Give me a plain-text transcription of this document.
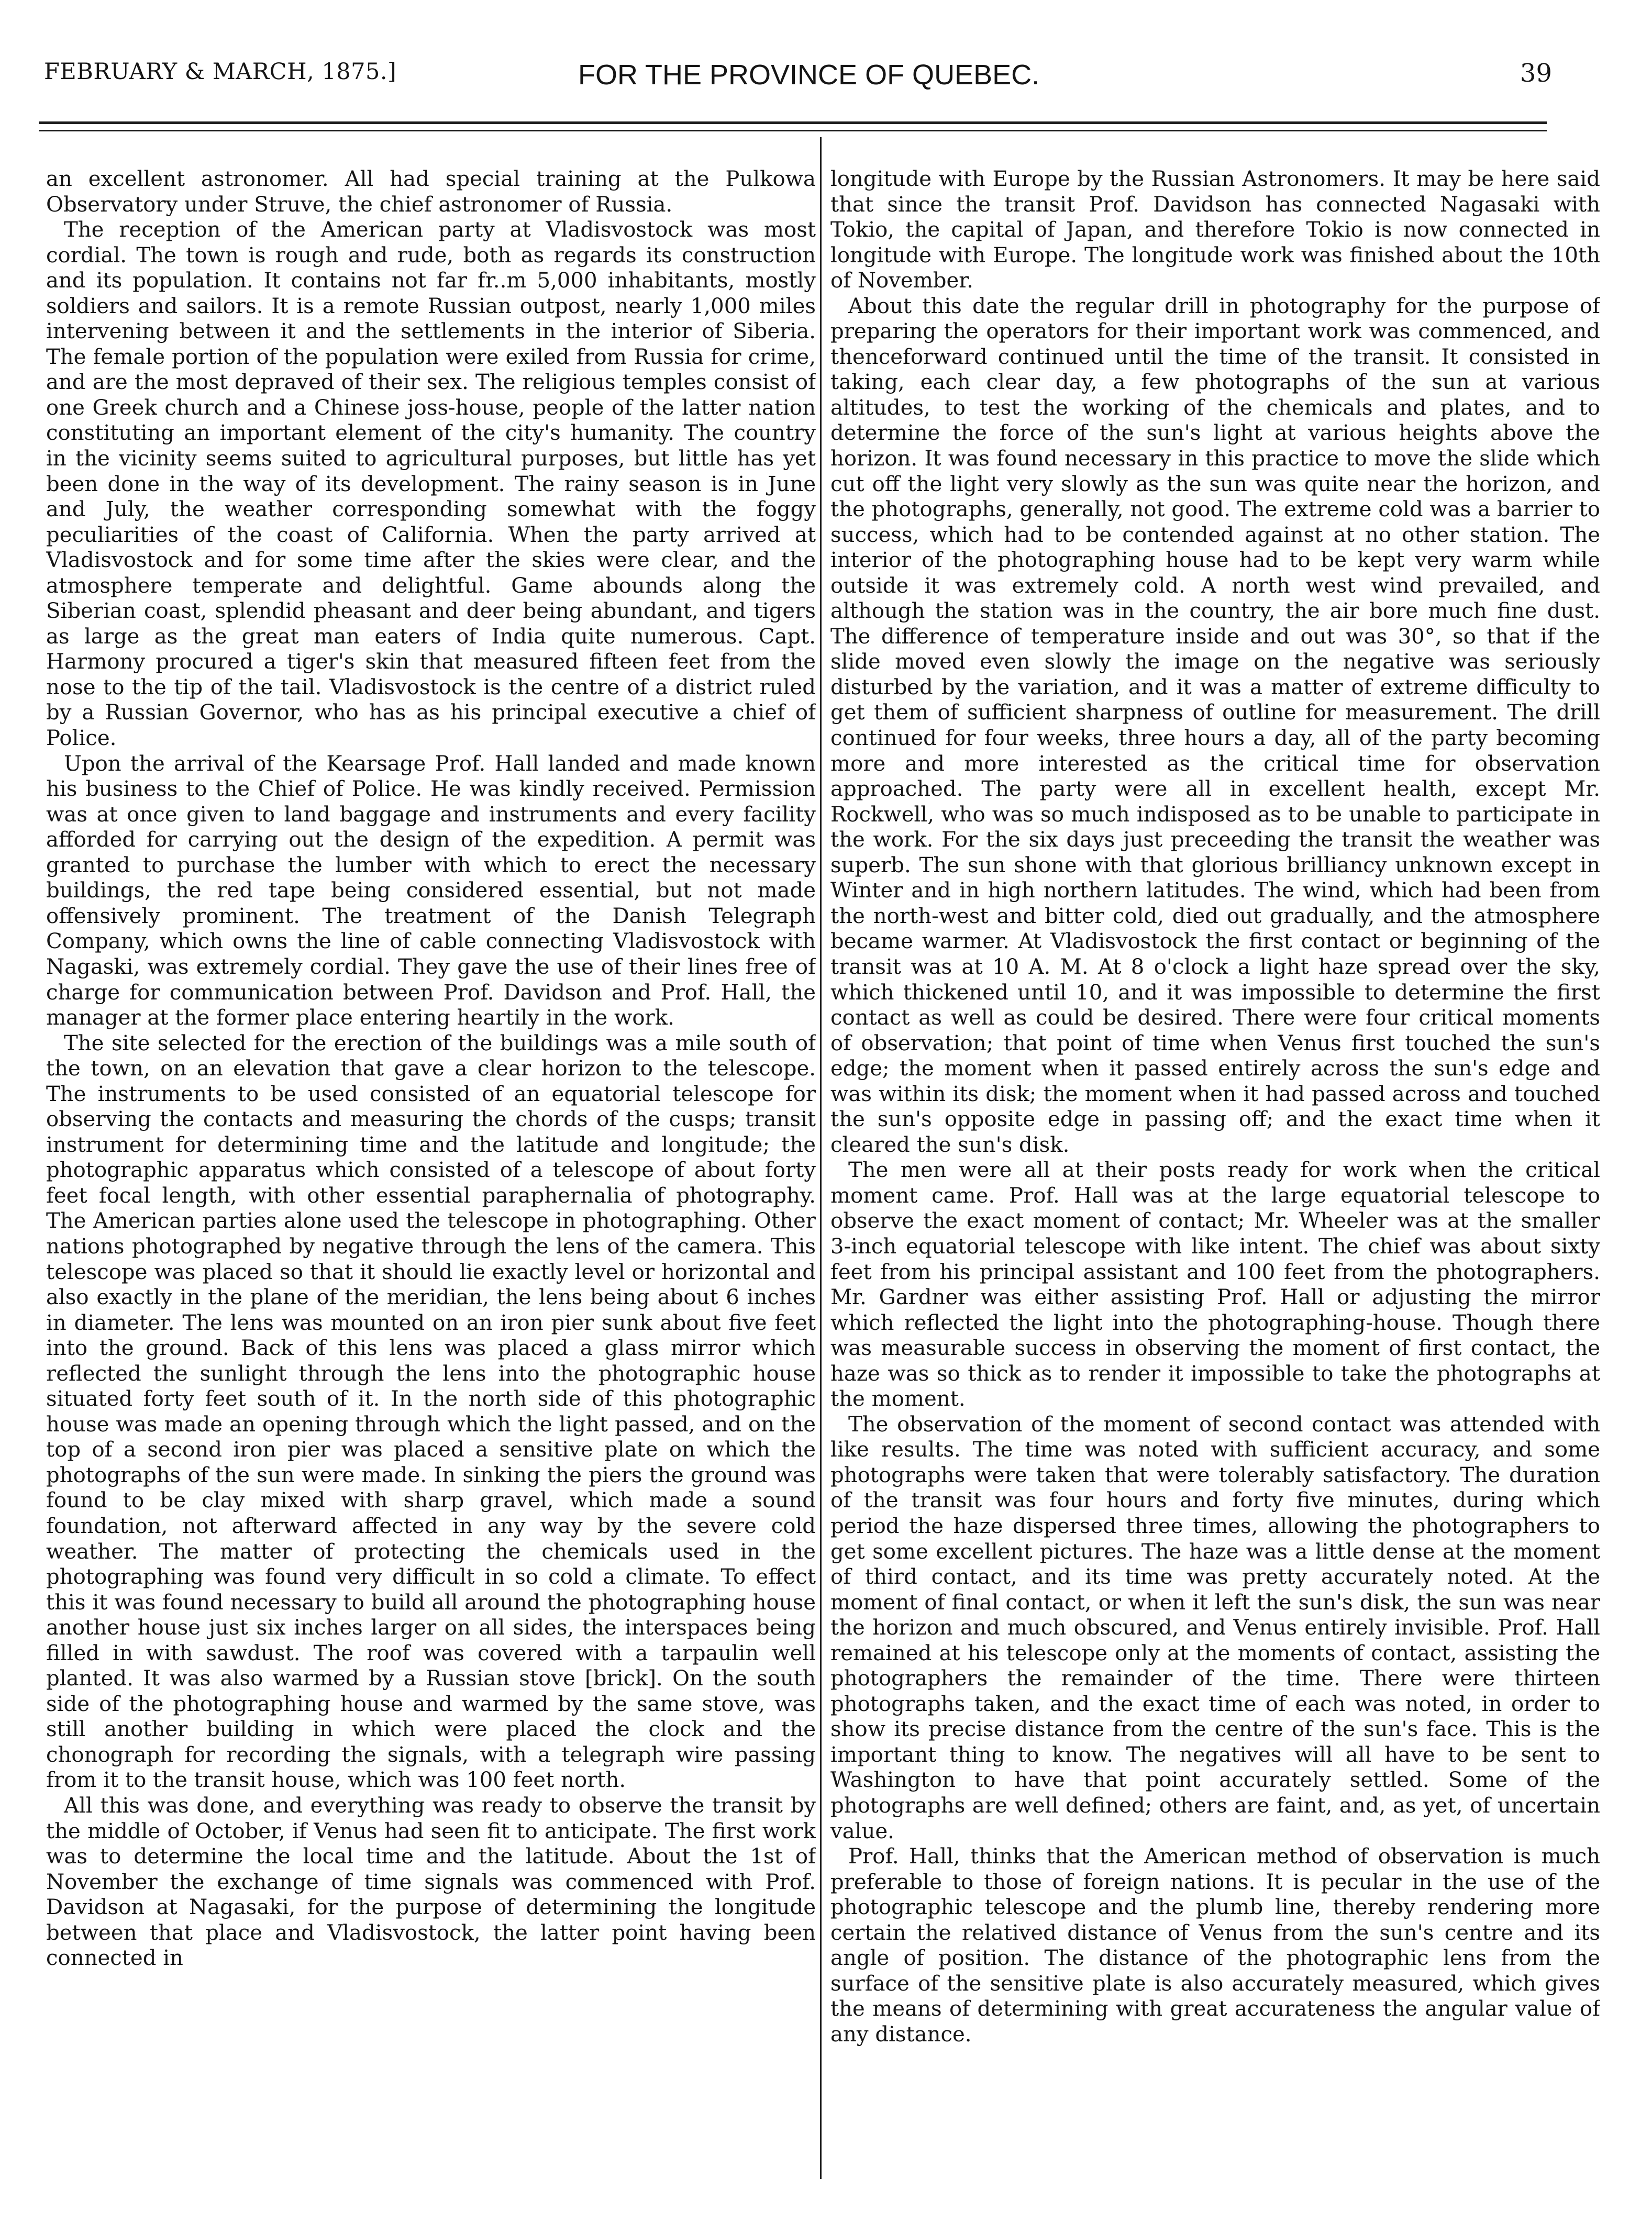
FEBRUARY & MARCH, 1875.]	FOR THE PROVINCE OF QUEBEC.	39

an excellent astronomer. All had special training at the Pulkowa Observatory under Struve, the chief astronomer of Russia.

The reception of the American party at Vladisvostock was most cordial. The town is rough and rude, both as regards its construction and its population. It contains not far fr..m 5,000 inhabitants, mostly soldiers and sailors. It is a remote Russian outpost, nearly 1,000 miles intervening between it and the settlements in the interior of Siberia. The female portion of the population were exiled from Russia for crime, and are the most depraved of their sex. The religious temples consist of one Greek church and a Chinese joss-house, people of the latter nation constituting an important element of the city's humanity. The country in the vicinity seems suited to agricultural purposes, but little has yet been done in the way of its development. The rainy season is in June and July, the weather corresponding somewhat with the foggy peculiarities of the coast of California. When the party arrived at Vladisvostock and for some time after the skies were clear, and the atmosphere temperate and delightful. Game abounds along the Siberian coast, splendid pheasant and deer being abundant, and tigers as large as the great man eaters of India quite numerous. Capt. Harmony procured a tiger's skin that measured fifteen feet from the nose to the tip of the tail. Vladisvostock is the centre of a district ruled by a Russian Governor, who has as his principal executive a chief of Police.

Upon the arrival of the Kearsage Prof. Hall landed and made known his business to the Chief of Police. He was kindly received. Permission was at once given to land baggage and instruments and every facility afforded for carrying out the design of the expedition. A permit was granted to purchase the lumber with which to erect the necessary buildings, the red tape being considered essential, but not made offensively prominent. The treatment of the Danish Telegraph Company, which owns the line of cable connecting Vladisvostock with Nagaski, was extremely cordial. They gave the use of their lines free of charge for communication between Prof. Davidson and Prof. Hall, the manager at the former place entering heartily in the work.

The site selected for the erection of the buildings was a mile south of the town, on an elevation that gave a clear horizon to the telescope. The instruments to be used consisted of an equatorial telescope for observing the contacts and measuring the chords of the cusps; transit instrument for determining time and the latitude and longitude; the photographic apparatus which consisted of a telescope of about forty feet focal length, with other essential paraphernalia of photography. The American parties alone used the telescope in photographing. Other nations photographed by negative through the lens of the camera. This telescope was placed so that it should lie exactly level or horizontal and also exactly in the plane of the meridian, the lens being about 6 inches in diameter. The lens was mounted on an iron pier sunk about five feet into the ground. Back of this lens was placed a glass mirror which reflected the sunlight through the lens into the photographic house situated forty feet south of it. In the north side of this photographic house was made an opening through which the light passed, and on the top of a second iron pier was placed a sensitive plate on which the photographs of the sun were made. In sinking the piers the ground was found to be clay mixed with sharp gravel, which made a sound foundation, not afterward affected in any way by the severe cold weather. The matter of protecting the chemicals used in the photographing was found very difficult in so cold a climate. To effect this it was found necessary to build all around the photographing house another house just six inches larger on all sides, the interspaces being filled in with sawdust. The roof was covered with a tarpaulin well planted. It was also warmed by a Russian stove [brick]. On the south side of the photographing house and warmed by the same stove, was still another building in which were placed the clock and the chonograph for recording the signals, with a telegraph wire passing from it to the transit house, which was 100 feet north.

All this was done, and everything was ready to observe the transit by the middle of October, if Venus had seen fit to anticipate. The first work was to determine the local time and the latitude. About the 1st of November the exchange of time signals was commenced with Prof. Davidson at Nagasaki, for the purpose of determining the longitude between that place and Vladisvostock, the latter point having been connected in

longitude with Europe by the Russian Astronomers. It may be here said that since the transit Prof. Davidson has connected Nagasaki with Tokio, the capital of Japan, and therefore Tokio is now connected in longitude with Europe. The longitude work was finished about the 10th of November.

About this date the regular drill in photography for the purpose of preparing the operators for their important work was commenced, and thenceforward continued until the time of the transit. It consisted in taking, each clear day, a few photographs of the sun at various altitudes, to test the working of the chemicals and plates, and to determine the force of the sun's light at various heights above the horizon. It was found necessary in this practice to move the slide which cut off the light very slowly as the sun was quite near the horizon, and the photographs, generally, not good. The extreme cold was a barrier to success, which had to be contended against at no other station. The interior of the photographing house had to be kept very warm while outside it was extremely cold. A north west wind prevailed, and although the station was in the country, the air bore much fine dust. The difference of temperature inside and out was 30°, so that if the slide moved even slowly the image on the negative was seriously disturbed by the variation, and it was a matter of extreme difficulty to get them of sufficient sharpness of outline for measurement. The drill continued for four weeks, three hours a day, all of the party becoming more and more interested as the critical time for observation approached. The party were all in excellent health, except Mr. Rockwell, who was so much indisposed as to be unable to participate in the work. For the six days just preceeding the transit the weather was superb. The sun shone with that glorious brilliancy unknown except in Winter and in high northern latitudes. The wind, which had been from the north-west and bitter cold, died out gradually, and the atmosphere became warmer. At Vladisvostock the first contact or beginning of the transit was at 10 A. M. At 8 o'clock a light haze spread over the sky, which thickened until 10, and it was impossible to determine the first contact as well as could be desired. There were four critical moments of observation; that point of time when Venus first touched the sun's edge; the moment when it passed entirely across the sun's edge and was within its disk; the moment when it had passed across and touched the sun's opposite edge in passing off; and the exact time when it cleared the sun's disk.

The men were all at their posts ready for work when the critical moment came. Prof. Hall was at the large equatorial telescope to observe the exact moment of contact; Mr. Wheeler was at the smaller 3-inch equatorial telescope with like intent. The chief was about sixty feet from his principal assistant and 100 feet from the photographers. Mr. Gardner was either assisting Prof. Hall or adjusting the mirror which reflected the light into the photographing-house. Though there was measurable success in observing the moment of first contact, the haze was so thick as to render it impossible to take the photographs at the moment.

The observation of the moment of second contact was attended with like results. The time was noted with sufficient accuracy, and some photographs were taken that were tolerably satisfactory. The duration of the transit was four hours and forty five minutes, during which period the haze dispersed three times, allowing the photographers to get some excellent pictures. The haze was a little dense at the moment of third contact, and its time was pretty accurately noted. At the moment of final contact, or when it left the sun's disk, the sun was near the horizon and much obscured, and Venus entirely invisible. Prof. Hall remained at his telescope only at the moments of contact, assisting the photographers the remainder of the time. There were thirteen photographs taken, and the exact time of each was noted, in order to show its precise distance from the centre of the sun's face. This is the important thing to know. The negatives will all have to be sent to Washington to have that point accurately settled. Some of the photographs are well defined; others are faint, and, as yet, of uncertain value.

Prof. Hall, thinks that the American method of observation is much preferable to those of foreign nations. It is pecular in the use of the photographic telescope and the plumb line, thereby rendering more certain the relatived distance of Venus from the sun's centre and its angle of position. The distance of the photographic lens from the surface of the sensitive plate is also accurately measured, which gives the means of determining with great accurateness the angular value of any distance.
